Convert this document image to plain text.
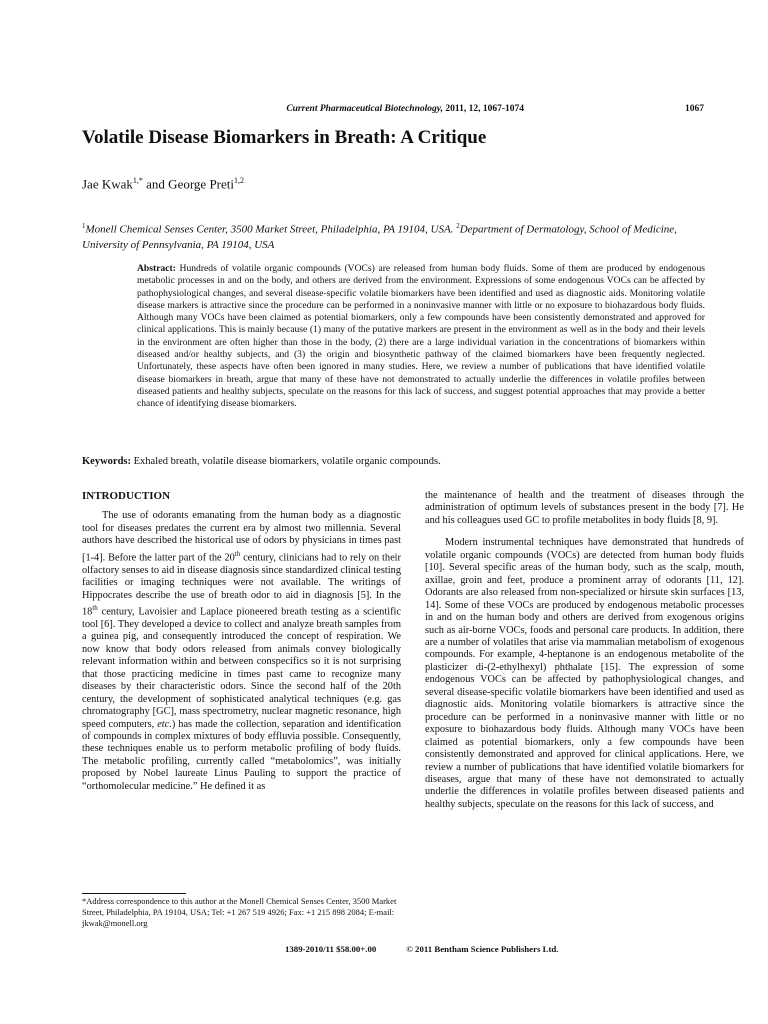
Current Pharmaceutical Biotechnology, 2011, 12, 1067-1074	1067
Volatile Disease Biomarkers in Breath: A Critique
Jae Kwak$^{1,*}$ and George Preti$^{1,2}$
$^1$Monell Chemical Senses Center, 3500 Market Street, Philadelphia, PA 19104, USA. $^2$Department of Dermatology, School of Medicine, University of Pennsylvania, PA 19104, USA

Abstract: Hundreds of volatile organic compounds (VOCs) are released from human body fluids. Some of them are produced by endogenous metabolic processes in and on the body, and others are derived from the environment. Expressions of some endogenous VOCs can be affected by pathophysiological changes, and several disease-specific volatile biomarkers have been identified and used as diagnostic aids. Monitoring volatile disease markers is attractive since the procedure can be performed in a noninvasive manner with little or no exposure to biohazardous body fluids. Although many VOCs have been claimed as potential biomarkers, only a few compounds have been consistently demonstrated and approved for clinical applications. This is mainly because (1) many of the putative markers are present in the environment as well as in the body and their levels in the environment are often higher than those in the body, (2) there are a large individual variation in the concentrations of biomarkers within diseased and/or healthy subjects, and (3) the origin and biosynthetic pathway of the claimed biomarkers have been frequently neglected. Unfortunately, these aspects have often been ignored in many studies. Here, we review a number of publications that have identified volatile disease biomarkers in breath, argue that many of these have not demonstrated to actually underlie the differences in volatile profiles between diseased patients and healthy subjects, speculate on the reasons for this lack of success, and suggest potential approaches that may provide a better chance of identifying disease biomarkers.

Keywords: Exhaled breath, volatile disease biomarkers, volatile organic compounds.
INTRODUCTION

The use of odorants emanating from the human body as a diagnostic tool for diseases predates the current era by almost two millennia. Several authors have described the historical use of odors by physicians in times past [1-4]. Before the latter part of the 20th century, clinicians had to rely on their olfactory senses to aid in disease diagnosis since standardized clinical testing facilities or imaging techniques were not available. The writings of Hippocrates describe the use of breath odor to aid in diagnosis [5]. In the 18th century, Lavoisier and Laplace pioneered breath testing as a scientific tool [6]. They developed a device to collect and analyze breath samples from a guinea pig, and consequently introduced the concept of respiration. We now know that body odors released from animals convey biologically relevant information within and between conspecifics so it is not surprising that those practicing medicine in times past came to recognize many diseases by their characteristic odors. Since the second half of the 20th century, the development of sophisticated analytical techniques (e.g. gas chromatography [GC], mass spectrometry, nuclear magnetic resonance, high speed computers, etc.) has made the collection, separation and identification of compounds in complex mixtures of body effluvia possible. Consequently, these techniques enable us to perform metabolic profiling of body fluids. The metabolic profiling, currently called “metabolomics”, was initially proposed by Nobel laureate Linus Pauling to support the practice of “orthomolecular medicine.” He defined it as

the maintenance of health and the treatment of diseases through the administration of optimum levels of substances present in the body [7]. He and his colleagues used GC to profile metabolites in body fluids [8, 9].

Modern instrumental techniques have demonstrated that hundreds of volatile organic compounds (VOCs) are detected from human body fluids [10]. Several specific areas of the human body, such as the scalp, mouth, axillae, groin and feet, produce a prominent array of odorants [11, 12]. Odorants are also released from non-specialized or hirsute skin surfaces [13, 14]. Some of these VOCs are produced by endogenous metabolic processes in and on the human body and others are derived from exogenous origins such as air-borne VOCs, foods and personal care products. In addition, there are a number of volatiles that arise via mammalian metabolism of exogenous compounds. For example, 4-heptanone is an endogenous metabolite of the plasticizer di-(2-ethylhexyl) phthalate [15]. The expression of some endogenous VOCs can be affected by pathophysiological changes, and several disease-specific volatile biomarkers have been identified and used as diagnostic aids. Monitoring volatile biomarkers is attractive since the procedure can be performed in a noninvasive manner with little or no exposure to biohazardous body fluids. Although many VOCs have been claimed as potential biomarkers, only a few compounds have been consistently demonstrated and approved for clinical applications. Here, we review a number of publications that have identified volatile biomarkers for diseases, argue that many of these have not demonstrated to actually underlie the differences in volatile profiles between diseased patients and healthy subjects, speculate on the reasons for this lack of success, and

*Address correspondence to this author at the Monell Chemical Senses Center, 3500 Market Street, Philadelphia, PA 19104, USA; Tel: +1 267 519 4926; Fax: +1 215 898 2084; E-mail: jkwak@monell.org
1389-2010/11 $58.00+.00	© 2011 Bentham Science Publishers Ltd.
